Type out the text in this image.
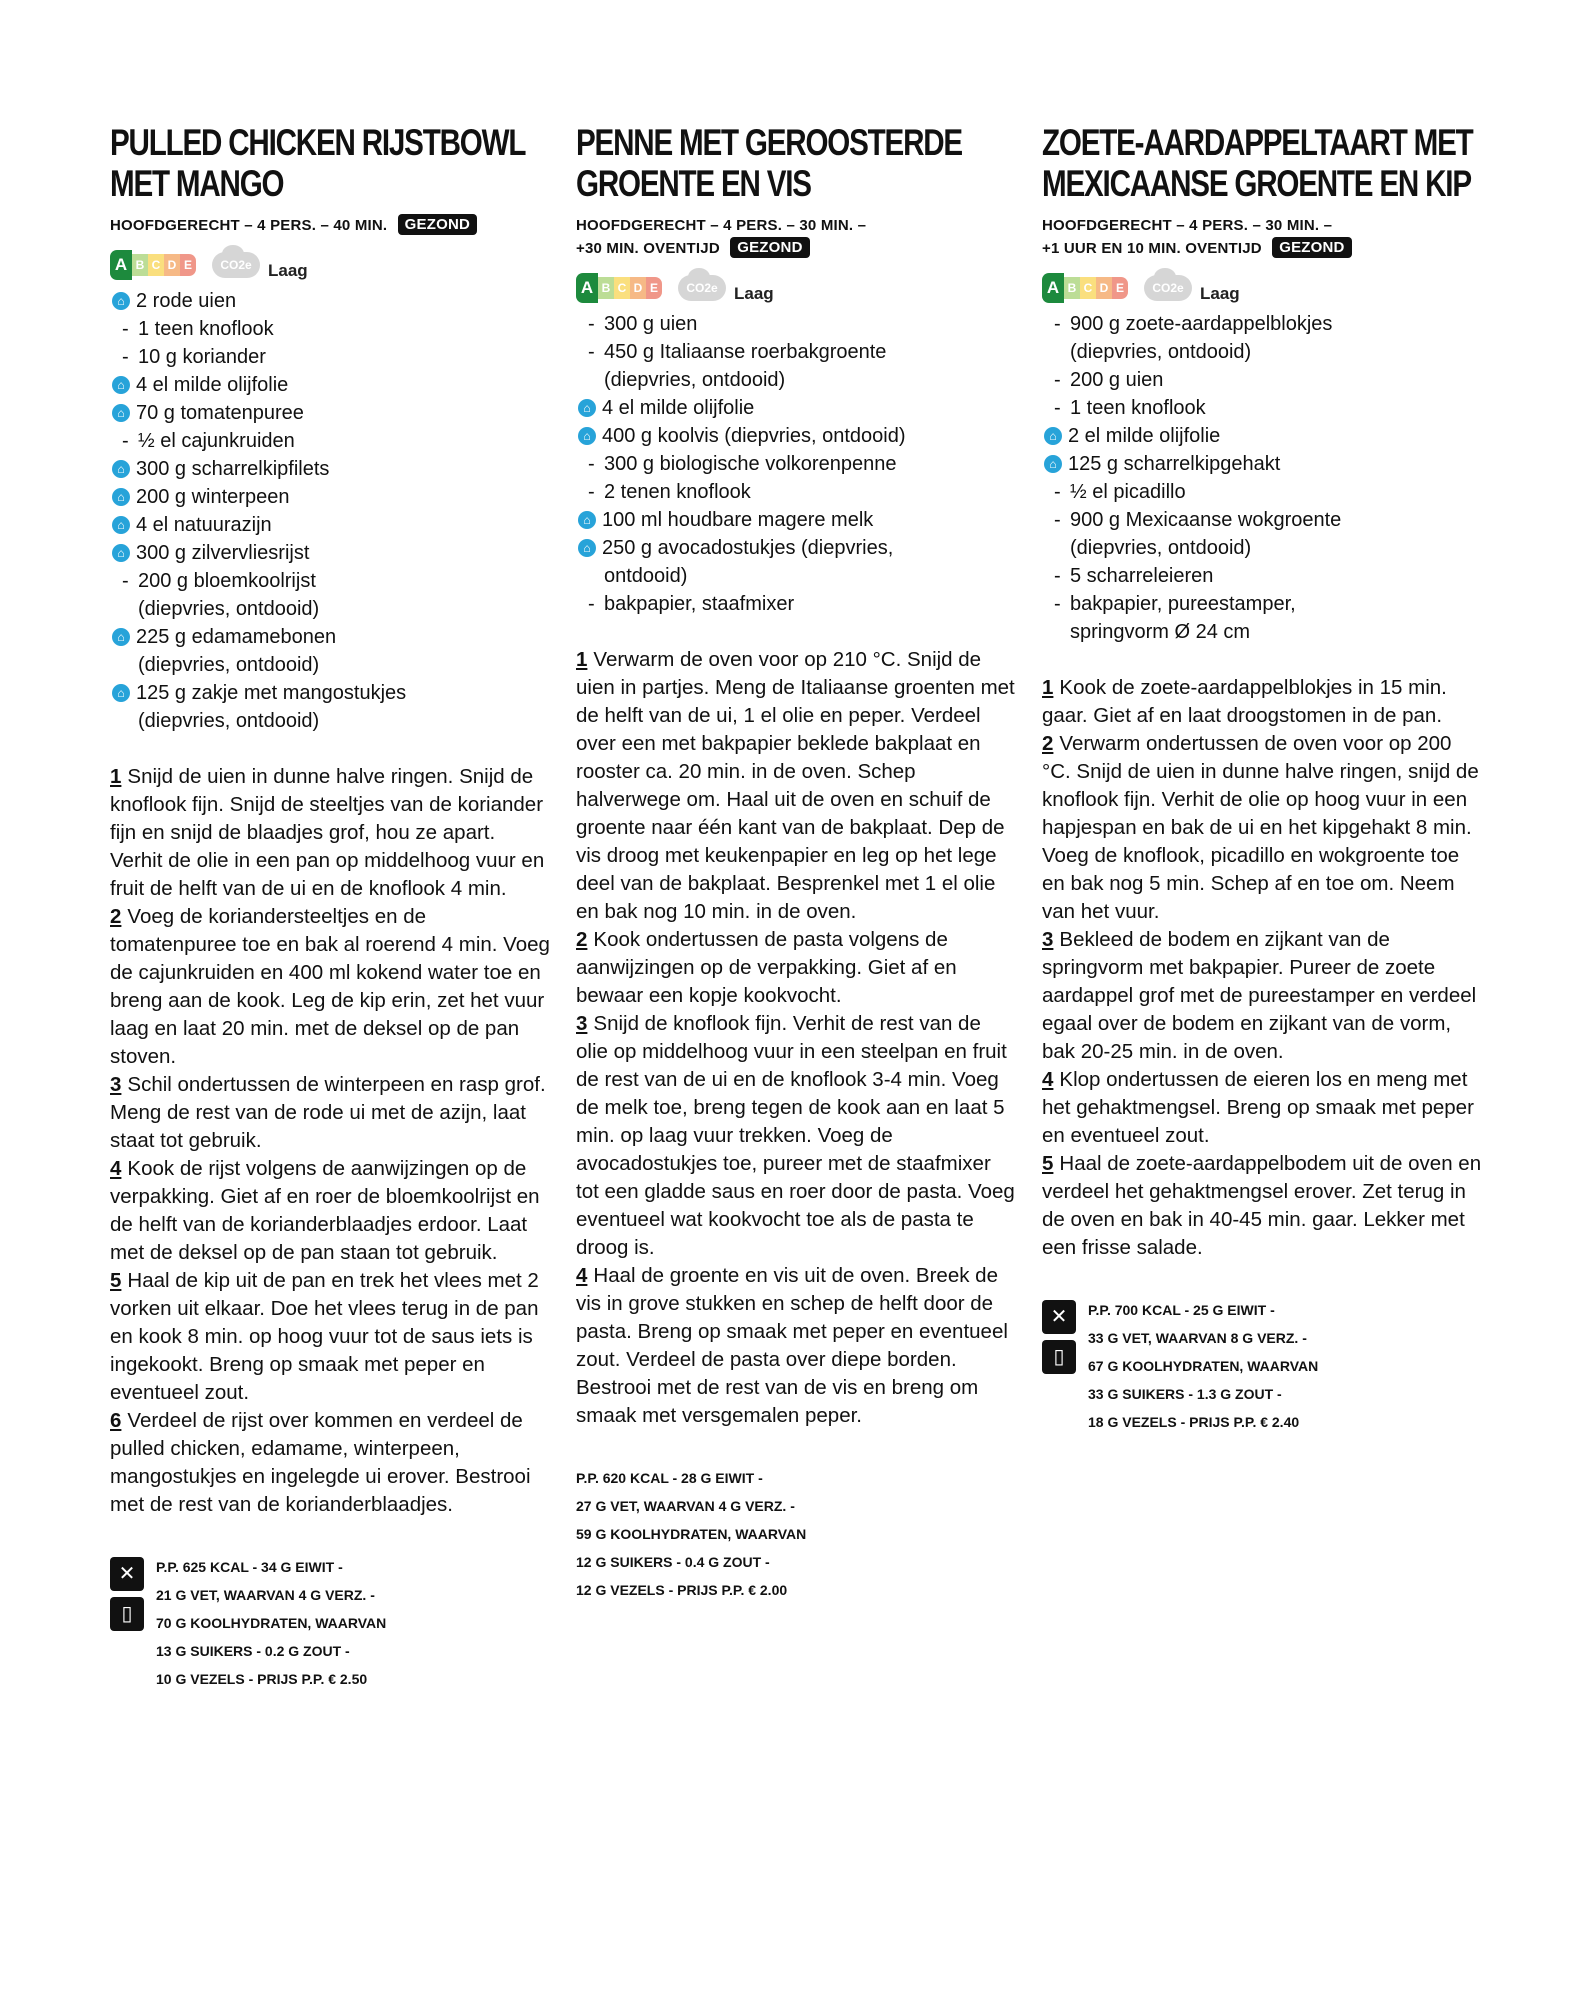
PULLED CHICKEN RIJSTBOWL
MET MANGO
HOOFDGERECHT – 4 PERS. – 40 MIN. GEZOND
A B C D E	CO2e Laag
⌂ 2 rode uien
- 1 teen knoflook
- 10 g koriander
⌂ 4 el milde olijfolie
⌂ 70 g tomatenpuree
- ½ el cajunkruiden
⌂ 300 g scharrelkipfilets
⌂ 200 g winterpeen
⌂ 4 el natuurazijn
⌂ 300 g zilvervliesrijst
- 200 g bloemkoolrijst
(diepvries, ontdooid)
⌂ 225 g edamamebonen
(diepvries, ontdooid)
⌂ 125 g zakje met mangostukjes
(diepvries, ontdooid)

1 Snijd de uien in dunne halve ringen. Snijd de knoflook fijn. Snijd de steeltjes van de koriander fijn en snijd de blaadjes grof, hou ze apart. Verhit de olie in een pan op middelhoog vuur en fruit de helft van de ui en de knoflook 4 min.

2 Voeg de koriandersteeltjes en de tomatenpuree toe en bak al roerend 4 min. Voeg de cajunkruiden en 400 ml kokend water toe en breng aan de kook. Leg de kip erin, zet het vuur laag en laat 20 min. met de deksel op de pan stoven.

3 Schil ondertussen de winterpeen en rasp grof. Meng de rest van de rode ui met de azijn, laat staat tot gebruik.

4 Kook de rijst volgens de aanwijzingen op de verpakking. Giet af en roer de bloemkoolrijst en de helft van de korianderblaadjes erdoor. Laat met de deksel op de pan staan tot gebruik.

5 Haal de kip uit de pan en trek het vlees met 2 vorken uit elkaar. Doe het vlees terug in de pan en kook 8 min. op hoog vuur tot de saus iets is ingekookt. Breng op smaak met peper en eventueel zout.

6 Verdeel de rijst over kommen en verdeel de pulled chicken, edamame, winterpeen, mangostukjes en ingelegde ui erover. Bestrooi met de rest van de korianderblaadjes.

✕
▯
P.P. 625 KCAL - 34 G EIWIT -
21 G VET, WAARVAN 4 G VERZ. -
70 G KOOLHYDRATEN, WAARVAN
13 G SUIKERS - 0.2 G ZOUT -
10 G VEZELS - PRIJS P.P. € 2.50
PENNE MET GEROOSTERDE
GROENTE EN VIS
HOOFDGERECHT – 4 PERS. – 30 MIN. –
+30 MIN. OVENTIJD GEZOND
A B C D E	CO2e Laag
- 300 g uien
- 450 g Italiaanse roerbakgroente
(diepvries, ontdooid)
⌂ 4 el milde olijfolie
⌂ 400 g koolvis (diepvries, ontdooid)
- 300 g biologische volkorenpenne
- 2 tenen knoflook
⌂ 100 ml houdbare magere melk
⌂ 250 g avocadostukjes (diepvries,
ontdooid)
- bakpapier, staafmixer

1 Verwarm de oven voor op 210 °C. Snijd de uien in partjes. Meng de Italiaanse groenten met de helft van de ui, 1 el olie en peper. Verdeel over een met bakpapier beklede bakplaat en rooster ca. 20 min. in de oven. Schep halverwege om. Haal uit de oven en schuif de groente naar één kant van de bakplaat. Dep de vis droog met keukenpapier en leg op het lege deel van de bakplaat. Besprenkel met 1 el olie en bak nog 10 min. in de oven.

2 Kook ondertussen de pasta volgens de aanwijzingen op de verpakking. Giet af en bewaar een kopje kookvocht.

3 Snijd de knoflook fijn. Verhit de rest van de olie op middelhoog vuur in een steelpan en fruit de rest van de ui en de knoflook 3-4 min. Voeg de melk toe, breng tegen de kook aan en laat 5 min. op laag vuur trekken. Voeg de avocadostukjes toe, pureer met de staafmixer tot een gladde saus en roer door de pasta. Voeg eventueel wat kookvocht toe als de pasta te droog is.

4 Haal de groente en vis uit de oven. Breek de vis in grove stukken en schep de helft door de pasta. Breng op smaak met peper en eventueel zout. Verdeel de pasta over diepe borden. Bestrooi met de rest van de vis en breng om smaak met versgemalen peper.

P.P. 620 KCAL - 28 G EIWIT -
27 G VET, WAARVAN 4 G VERZ. -
59 G KOOLHYDRATEN, WAARVAN
12 G SUIKERS - 0.4 G ZOUT -
12 G VEZELS - PRIJS P.P. € 2.00
ZOETE-AARDAPPELTAART MET
MEXICAANSE GROENTE EN KIP
HOOFDGERECHT – 4 PERS. – 30 MIN. –
+1 UUR EN 10 MIN. OVENTIJD GEZOND
A B C D E	CO2e Laag
- 900 g zoete-aardappelblokjes
(diepvries, ontdooid)
- 200 g uien
- 1 teen knoflook
⌂ 2 el milde olijfolie
⌂ 125 g scharrelkipgehakt
- ½ el picadillo
- 900 g Mexicaanse wokgroente
(diepvries, ontdooid)
- 5 scharreleieren
- bakpapier, pureestamper,
springvorm Ø 24 cm

1 Kook de zoete-aardappelblokjes in 15 min. gaar. Giet af en laat droogstomen in de pan.

2 Verwarm ondertussen de oven voor op 200 °C. Snijd de uien in dunne halve ringen, snijd de knoflook fijn. Verhit de olie op hoog vuur in een hapjespan en bak de ui en het kipgehakt 8 min. Voeg de knoflook, picadillo en wokgroente toe en bak nog 5 min. Schep af en toe om. Neem van het vuur.

3 Bekleed de bodem en zijkant van de springvorm met bakpapier. Pureer de zoete aardappel grof met de pureestamper en verdeel egaal over de bodem en zijkant van de vorm, bak 20-25 min. in de oven.

4 Klop ondertussen de eieren los en meng met het gehaktmengsel. Breng op smaak met peper en eventueel zout.

5 Haal de zoete-aardappelbodem uit de oven en verdeel het gehaktmengsel erover. Zet terug in de oven en bak in 40-45 min. gaar. Lekker met een frisse salade.

✕
▯
P.P. 700 KCAL - 25 G EIWIT -
33 G VET, WAARVAN 8 G VERZ. -
67 G KOOLHYDRATEN, WAARVAN
33 G SUIKERS - 1.3 G ZOUT -
18 G VEZELS - PRIJS P.P. € 2.40
